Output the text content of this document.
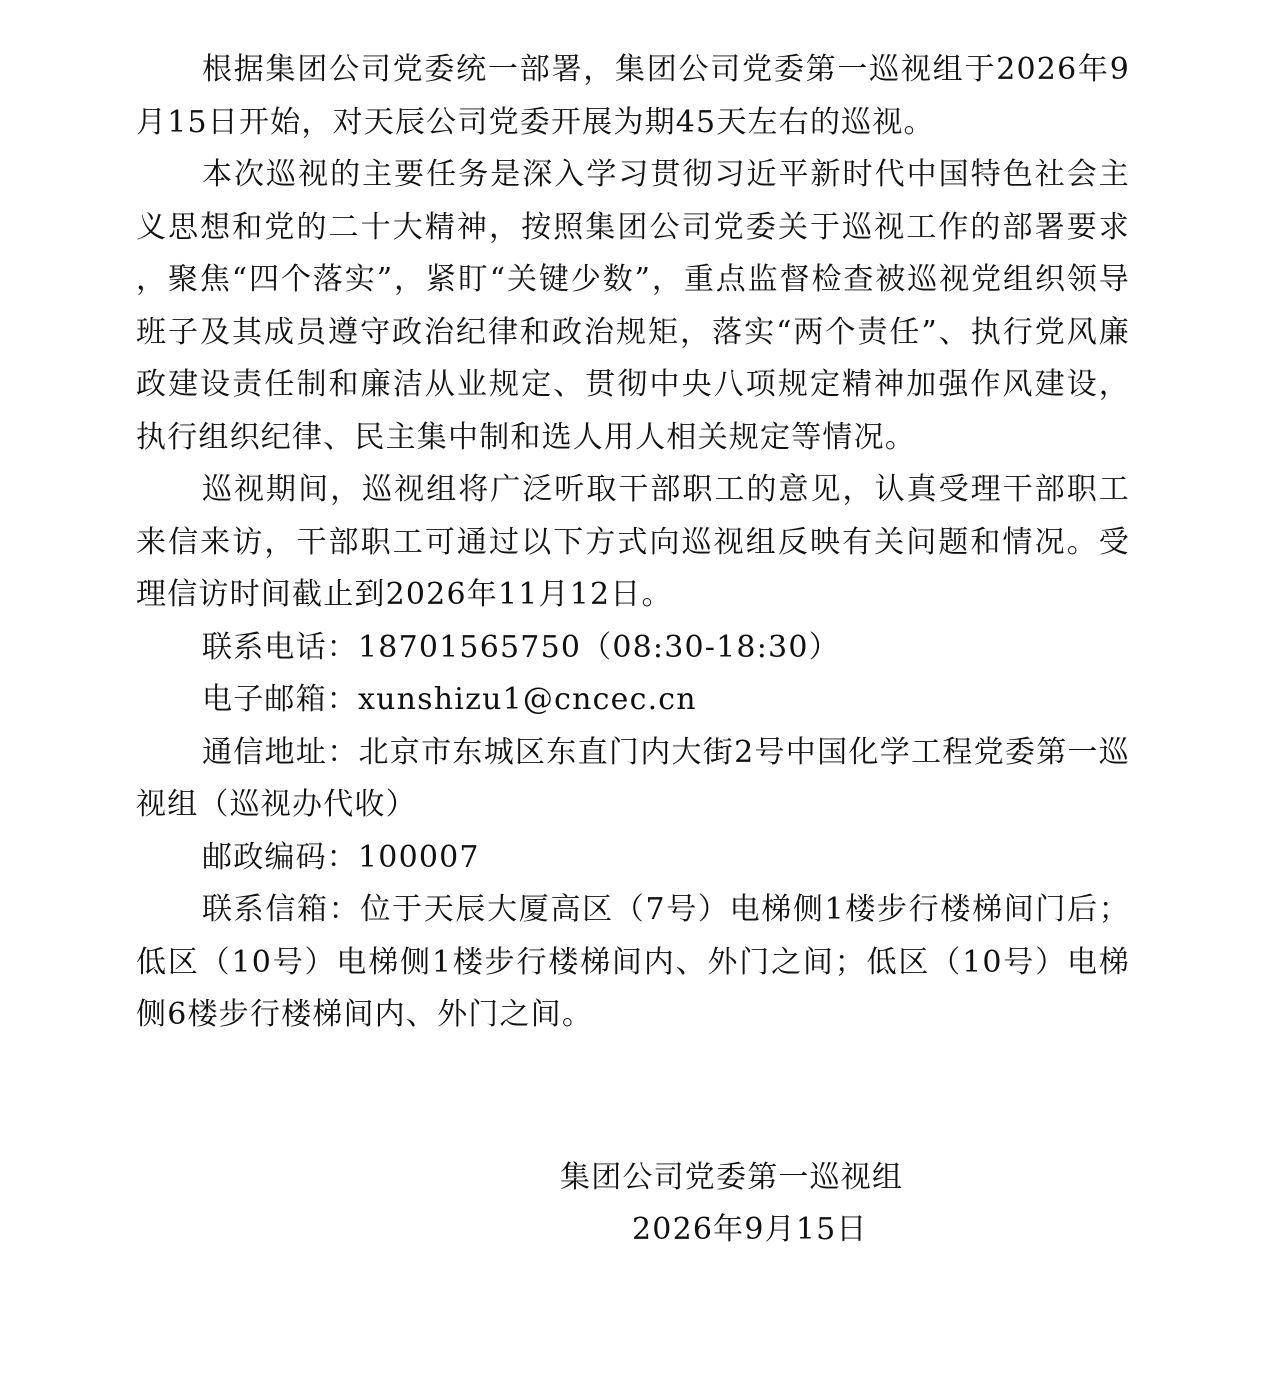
根据集团公司党委统一部署，集团公司党委第一巡视组于2026年9月15日开始，对天辰公司党委开展为期45天左右的巡视。

本次巡视的主要任务是深入学习贯彻习近平新时代中国特色社会主义思想和党的二十大精神，按照集团公司党委关于巡视工作的部署要求，聚焦“四个落实”，紧盯“关键少数”，重点监督检查被巡视党组织领导班子及其成员遵守政治纪律和政治规矩，落实“两个责任”、执行党风廉政建设责任制和廉洁从业规定、贯彻中央八项规定精神加强作风建设，执行组织纪律、民主集中制和选人用人相关规定等情况。

巡视期间，巡视组将广泛听取干部职工的意见，认真受理干部职工来信来访，干部职工可通过以下方式向巡视组反映有关问题和情况。受理信访时间截止到2026年11月12日。

联系电话：18701565750（08:30-18:30）

电子邮箱：xunshizu1@cncec.cn

通信地址：北京市东城区东直门内大街2号中国化学工程党委第一巡视组（巡视办代收）

邮政编码：100007

联系信箱：位于天辰大厦高区（7号）电梯侧1楼步行楼梯间门后；低区（10号）电梯侧1楼步行楼梯间内、外门之间；低区（10号）电梯侧6楼步行楼梯间内、外门之间。

集团公司党委第一巡视组

2026年9月15日
